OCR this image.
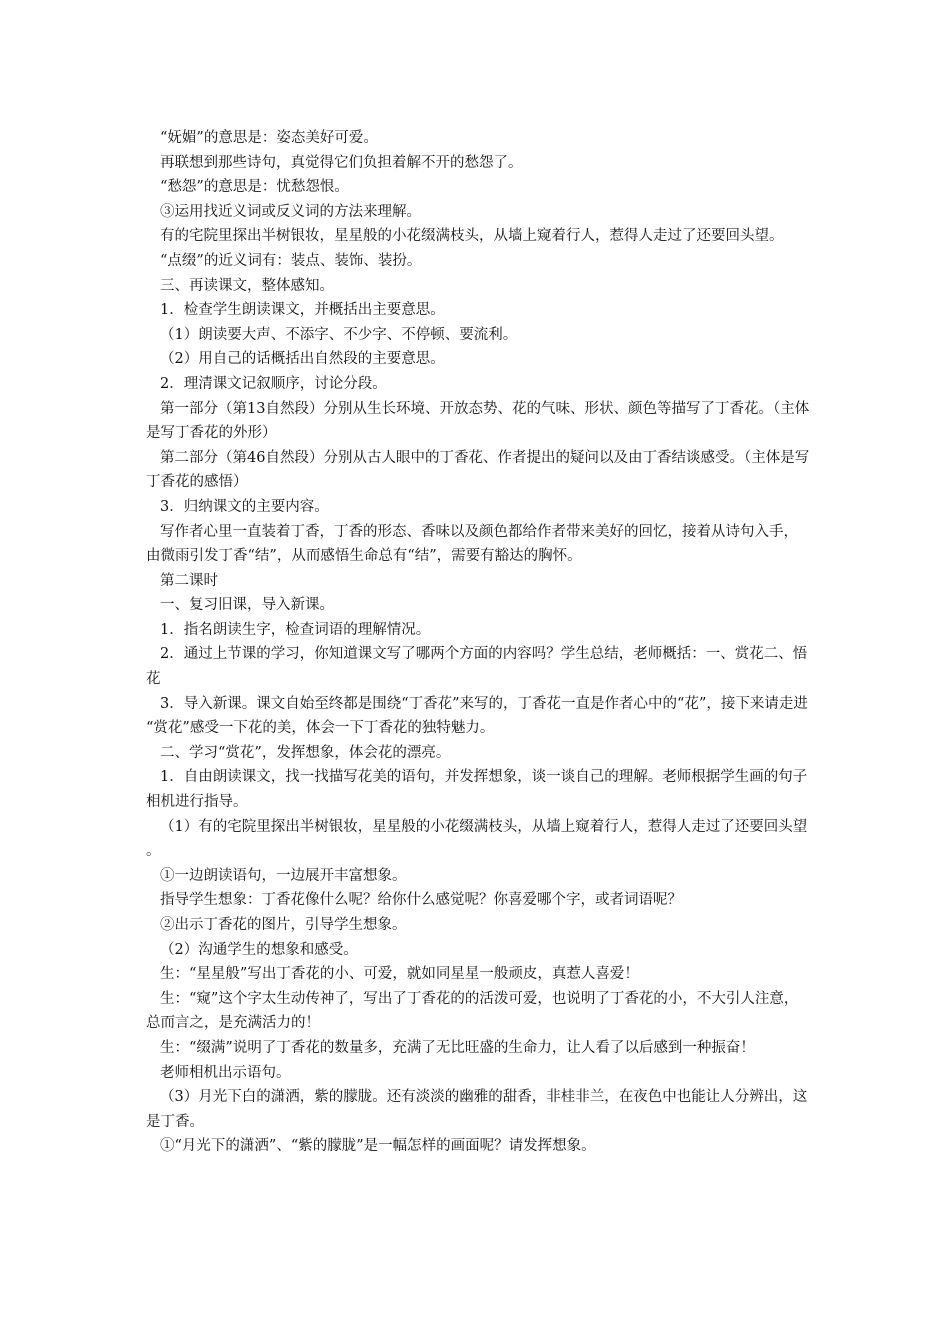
“妩媚”的意思是：姿态美好可爱。

再联想到那些诗句，真觉得它们负担着解不开的愁怨了。

“愁怨”的意思是：忧愁怨恨。

③运用找近义词或反义词的方法来理解。

有的宅院里探出半树银妆，星星般的小花缀满枝头，从墙上窥着行人，惹得人走过了还要回头望。

“点缀”的近义词有：装点、装饰、装扮。

三、再读课文，整体感知。

1．检查学生朗读课文，并概括出主要意思。

（1）朗读要大声、不添字、不少字、不停顿、要流利。

（2）用自己的话概括出自然段的主要意思。

2．理清课文记叙顺序，讨论分段。

第一部分（第13自然段）分别从生长环境、开放态势、花的气味、形状、颜色等描写了丁香花。（主体是写丁香花的外形）

第二部分（第46自然段）分别从古人眼中的丁香花、作者提出的疑问以及由丁香结谈感受。（主体是写丁香花的感悟）

3．归纳课文的主要内容。

写作者心里一直装着丁香，丁香的形态、香味以及颜色都给作者带来美好的回忆，接着从诗句入手，由微雨引发丁香“结”，从而感悟生命总有“结”，需要有豁达的胸怀。

第二课时

一、复习旧课，导入新课。

1．指名朗读生字，检查词语的理解情况。

2．通过上节课的学习，你知道课文写了哪两个方面的内容吗？学生总结，老师概括：一、赏花二、悟花

3．导入新课。课文自始至终都是围绕“丁香花”来写的，丁香花一直是作者心中的“花”，接下来请走进“赏花”感受一下花的美，体会一下丁香花的独特魅力。

二、学习“赏花”，发挥想象，体会花的漂亮。

1．自由朗读课文，找一找描写花美的语句，并发挥想象，谈一谈自己的理解。老师根据学生画的句子相机进行指导。

（1）有的宅院里探出半树银妆，星星般的小花缀满枝头，从墙上窥着行人，惹得人走过了还要回头望。

①一边朗读语句，一边展开丰富想象。

指导学生想象：丁香花像什么呢？给你什么感觉呢？你喜爱哪个字，或者词语呢？

②出示丁香花的图片，引导学生想象。

（2）沟通学生的想象和感受。

生：“星星般”写出丁香花的小、可爱，就如同星星一般顽皮，真惹人喜爱！

生：“窥”这个字太生动传神了，写出了丁香花的的活泼可爱，也说明了丁香花的小，不大引人注意，总而言之，是充满活力的！

生：“缀满”说明了丁香花的数量多，充满了无比旺盛的生命力，让人看了以后感到一种振奋！

老师相机出示语句。

（3）月光下白的潇洒，紫的朦胧。还有淡淡的幽雅的甜香，非桂非兰，在夜色中也能让人分辨出，这是丁香。

①“月光下的潇洒”、“紫的朦胧”是一幅怎样的画面呢？请发挥想象。
